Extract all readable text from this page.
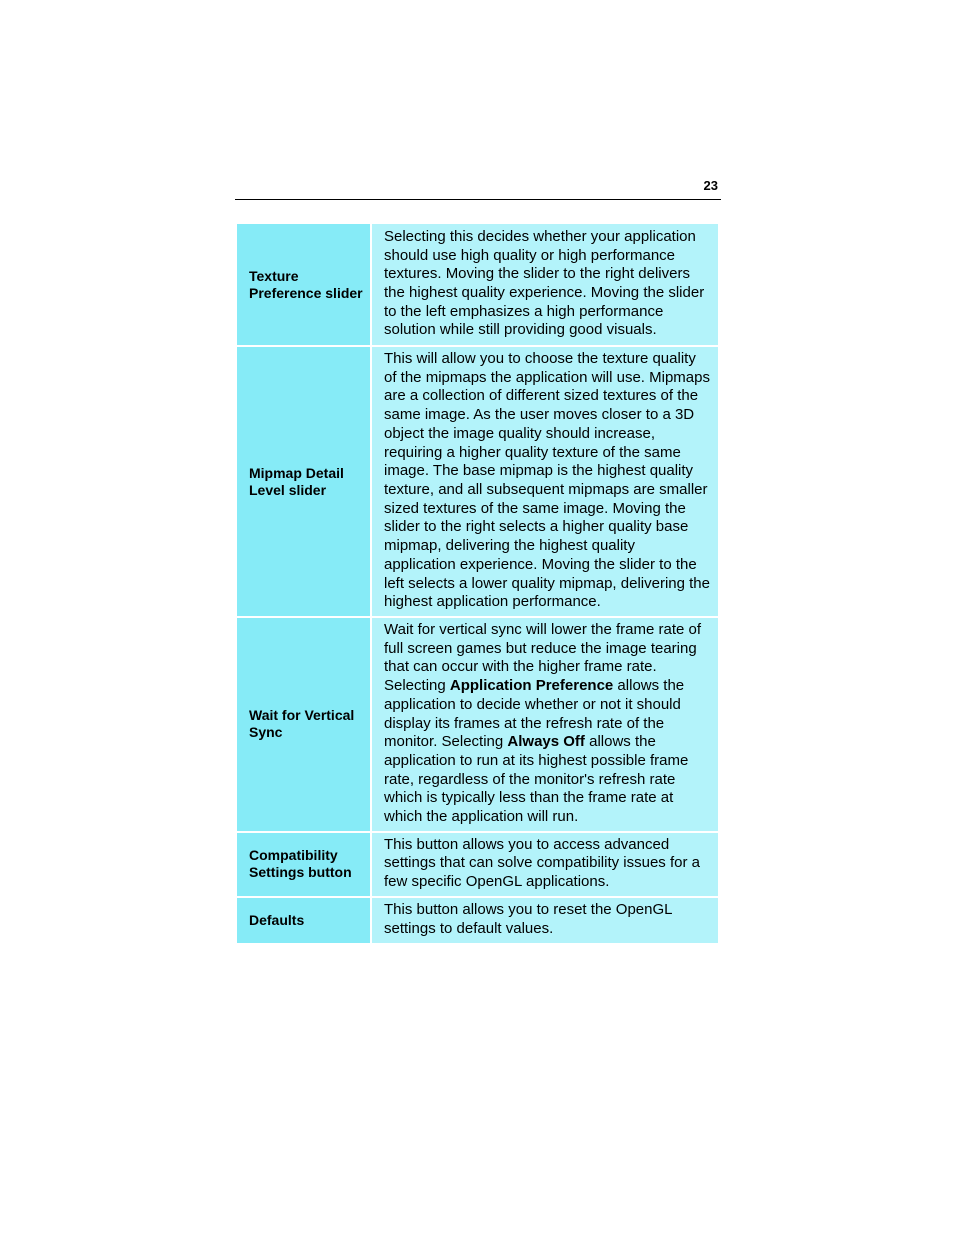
23
Texture Preference slider	Selecting this decides whether your application should use high quality or high performance textures. Moving the slider to the right delivers the highest quality experience. Moving the slider to the left emphasizes a high performance solution while still providing good visuals.
Mipmap Detail Level slider	This will allow you to choose the texture quality of the mipmaps the application will use. Mipmaps are a collection of different sized textures of the same image. As the user moves closer to a 3D object the image quality should increase, requiring a higher quality texture of the same image. The base mipmap is the highest quality texture, and all subsequent mipmaps are smaller sized textures of the same image. Moving the slider to the right selects a higher quality base mipmap, delivering the highest quality application experience. Moving the slider to the left selects a lower quality mipmap, delivering the highest application performance.
Wait for Vertical Sync	Wait for vertical sync will lower the frame rate of full screen games but reduce the image tearing that can occur with the higher frame rate. Selecting Application Preference allows the application to decide whether or not it should display its frames at the refresh rate of the monitor. Selecting Always Off allows the application to run at its highest possible frame rate, regardless of the monitor's refresh rate which is typically less than the frame rate at which the application will run.
Compatibility Settings button	This button allows you to access advanced settings that can solve compatibility issues for a few specific OpenGL applications.
Defaults	This button allows you to reset the OpenGL settings to default values.
